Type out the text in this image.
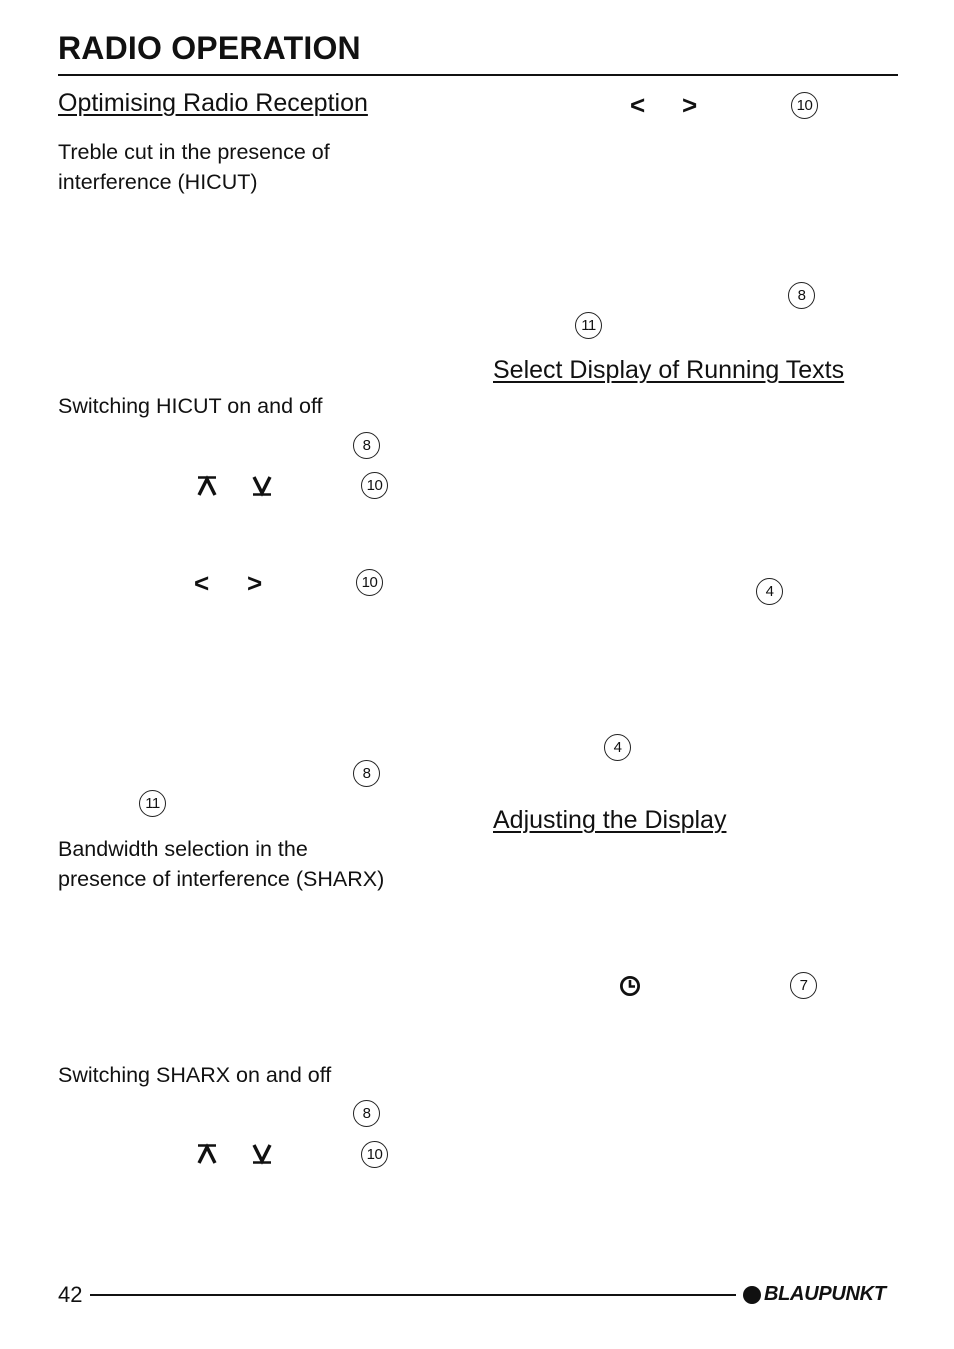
RADIO OPERATION
Optimising Radio Reception
Treble cut in the presence of
interference (HICUT)
Switching HICUT on and off
8
10
< >	10
8
11
Bandwidth selection in the
presence of interference (SHARX)
Switching SHARX on and off
8
10
< >	10
8
11
Select Display of Running Texts
4
4
Adjusting the Display
7
42	BLAUPUNKT
